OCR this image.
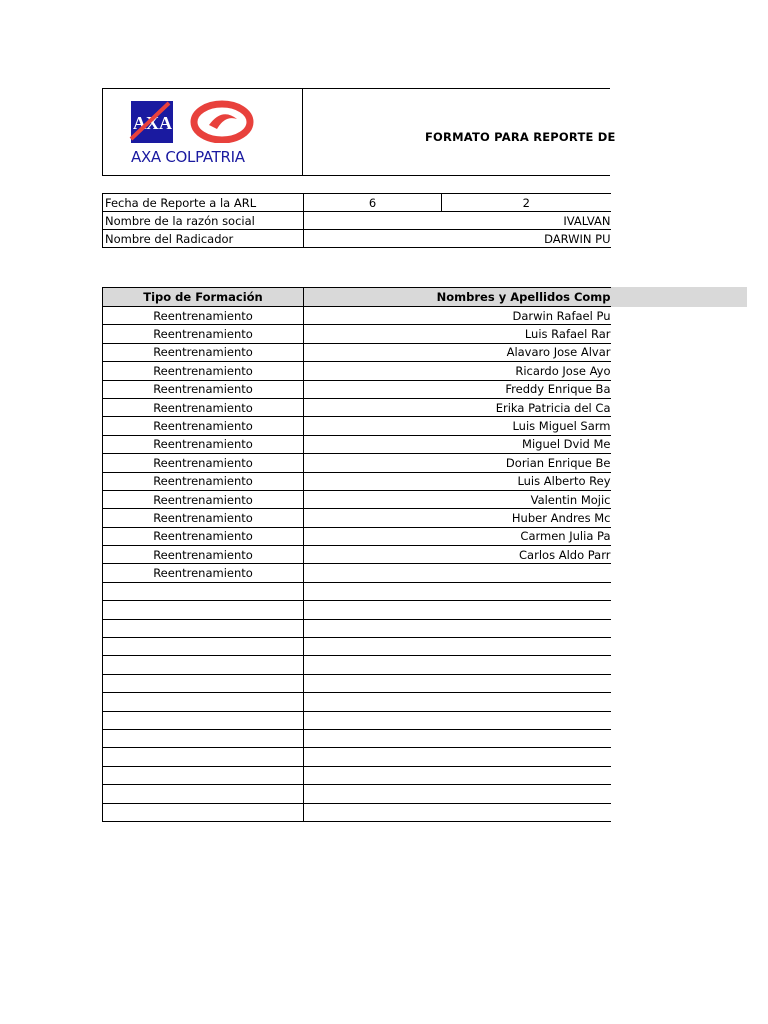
AXA
AXA COLPATRIA
FORMATO PARA REPORTE DE
Fecha de Reporte a la ARL	6	2
Nombre de la razón social	IVALVAN	
Nombre del Radicador	DARWIN PU	
Tipo de Formación	Nombres y Apellidos Comp
Reentrenamiento	Darwin Rafael Pu
Reentrenamiento	Luis Rafael Rar
Reentrenamiento	Alavaro Jose Alvar
Reentrenamiento	Ricardo Jose Ayo
Reentrenamiento	Freddy Enrique Ba
Reentrenamiento	Erika Patricia del Ca
Reentrenamiento	Luis Miguel Sarm
Reentrenamiento	Miguel Dvid Me
Reentrenamiento	Dorian Enrique Be
Reentrenamiento	Luis Alberto Rey
Reentrenamiento	Valentin Mojic
Reentrenamiento	Huber Andres Mc
Reentrenamiento	Carmen Julia Pa
Reentrenamiento	Carlos Aldo Parr
Reentrenamiento	
